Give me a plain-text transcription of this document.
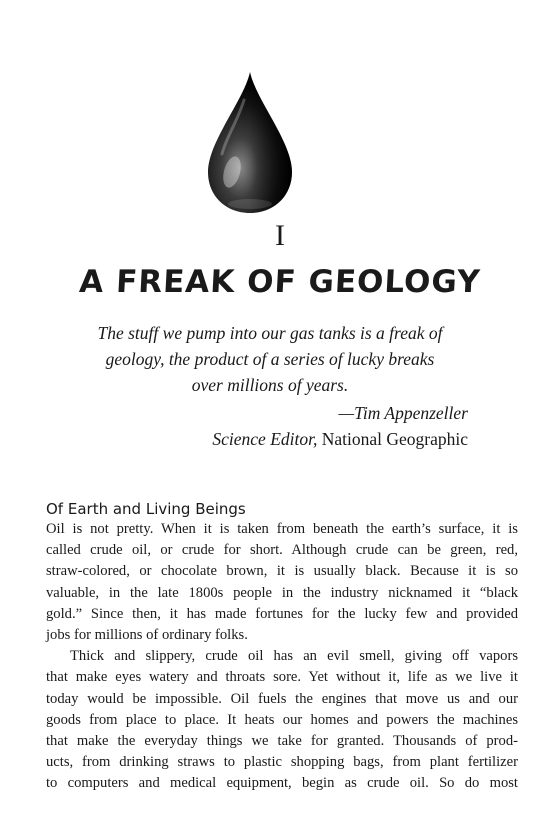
I
A FREAK OF GEOLOGY
The stuff we pump into our gas tanks is a freak of
geology, the product of a series of lucky breaks
over millions of years.
—Tim Appenzeller
Science Editor, National Geographic
Of Earth and Living Beings
Oil is not pretty. When it is taken from beneath the earth’s surface, it is
called crude oil, or crude for short. Although crude can be green, red,
straw-colored, or chocolate brown, it is usually black. Because it is so
valuable, in the late 1800s people in the industry nicknamed it “black
gold.” Since then, it has made fortunes for the lucky few and provided
jobs for millions of ordinary folks.
Thick and slippery, crude oil has an evil smell, giving off vapors
that make eyes watery and throats sore. Yet without it, life as we live it
today would be impossible. Oil fuels the engines that move us and our
goods from place to place. It heats our homes and powers the machines
that make the everyday things we take for granted. Thousands of prod-
ucts, from drinking straws to plastic shopping bags, from plant fertilizer
to computers and medical equipment, begin as crude oil. So do most
